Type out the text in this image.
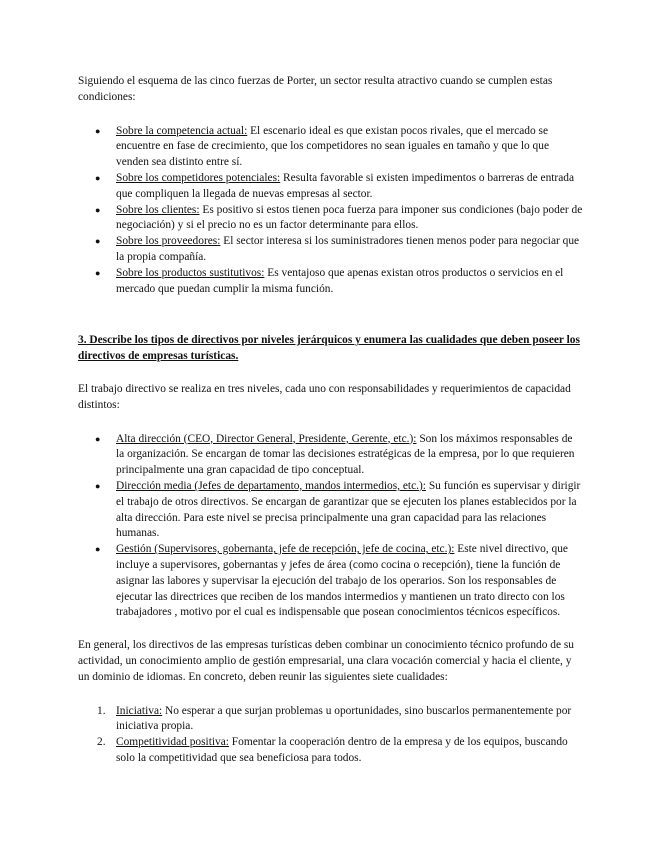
Siguiendo el esquema de las cinco fuerzas de Porter, un sector resulta atractivo cuando se cumplen estas condiciones:

● Sobre la competencia actual: El escenario ideal es que existan pocos rivales, que el mercado se encuentre en fase de crecimiento, que los competidores no sean iguales en tamaño y que lo que venden sea distinto entre sí.
● Sobre los competidores potenciales: Resulta favorable si existen impedimentos o barreras de entrada que compliquen la llegada de nuevas empresas al sector.
● Sobre los clientes: Es positivo si estos tienen poca fuerza para imponer sus condiciones (bajo poder de negociación) y si el precio no es un factor determinante para ellos.
● Sobre los proveedores: El sector interesa si los suministradores tienen menos poder para negociar que la propia compañía.
● Sobre los productos sustitutivos: Es ventajoso que apenas existan otros productos o servicios en el mercado que puedan cumplir la misma función.

3. Describe los tipos de directivos por niveles jerárquicos y enumera las cualidades que deben poseer los directivos de empresas turísticas.

El trabajo directivo se realiza en tres niveles, cada uno con responsabilidades y requerimientos de capacidad distintos:

● Alta dirección (CEO, Director General, Presidente, Gerente, etc.): Son los máximos responsables de la organización. Se encargan de tomar las decisiones estratégicas de la empresa, por lo que requieren principalmente una gran capacidad de tipo conceptual.
● Dirección media (Jefes de departamento, mandos intermedios, etc.): Su función es supervisar y dirigir el trabajo de otros directivos. Se encargan de garantizar que se ejecuten los planes establecidos por la alta dirección. Para este nivel se precisa principalmente una gran capacidad para las relaciones humanas.
● Gestión (Supervisores, gobernanta, jefe de recepción, jefe de cocina, etc.): Este nivel directivo, que incluye a supervisores, gobernantas y jefes de área (como cocina o recepción), tiene la función de asignar las labores y supervisar la ejecución del trabajo de los operarios. Son los responsables de ejecutar las directrices que reciben de los mandos intermedios y mantienen un trato directo con los trabajadores , motivo por el cual es indispensable que posean conocimientos técnicos específicos.

En general, los directivos de las empresas turísticas deben combinar un conocimiento técnico profundo de su actividad, un conocimiento amplio de gestión empresarial, una clara vocación comercial y hacia el cliente, y un dominio de idiomas. En concreto, deben reunir las siguientes siete cualidades:

1. Iniciativa: No esperar a que surjan problemas u oportunidades, sino buscarlos permanentemente por iniciativa propia.
2. Competitividad positiva: Fomentar la cooperación dentro de la empresa y de los equipos, buscando solo la competitividad que sea beneficiosa para todos.
